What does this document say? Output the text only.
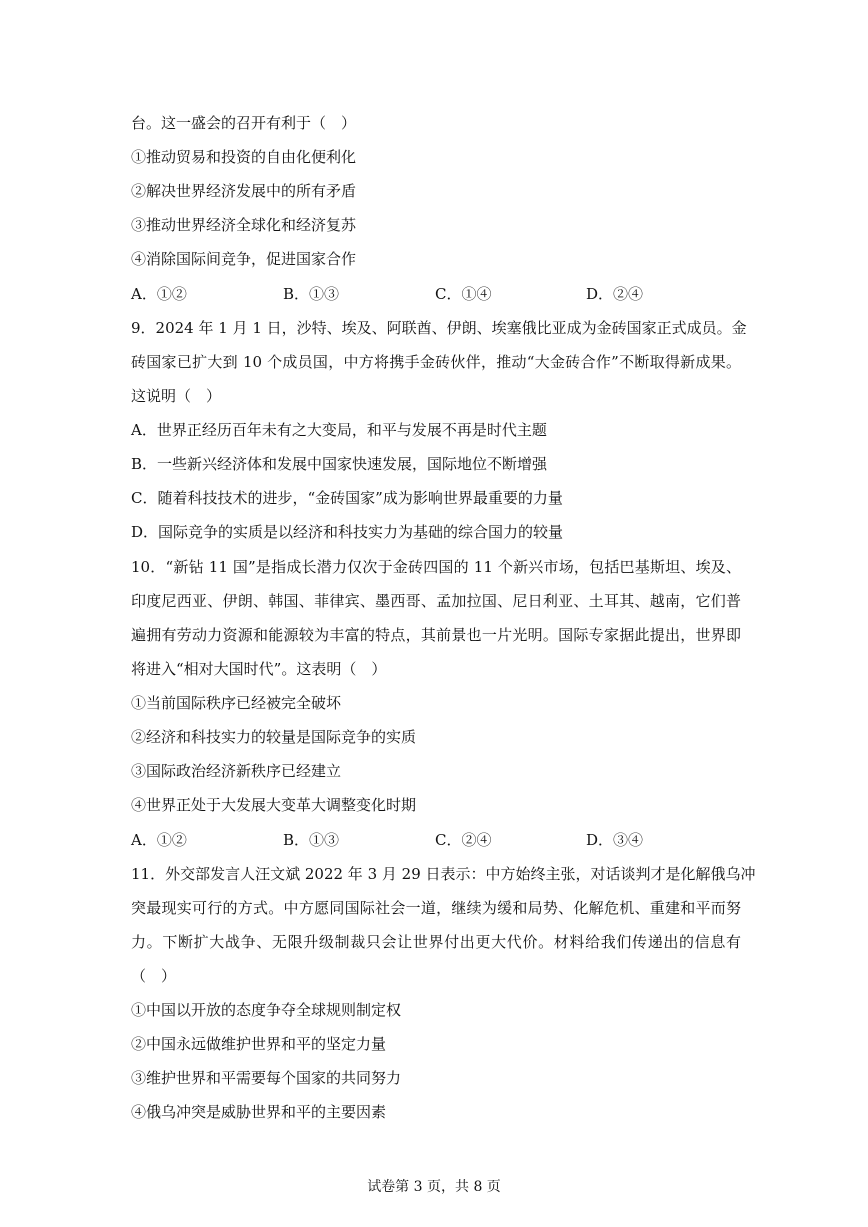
台。这一盛会的召开有利于（　）
①推动贸易和投资的自由化便利化
②解决世界经济发展中的所有矛盾
③推动世界经济全球化和经济复苏
④消除国际间竞争，促进国家合作
A．①②	B．①③	C．①④	D．②④
9．2024 年 1 月 1 日，沙特、埃及、阿联酋、伊朗、埃塞俄比亚成为金砖国家正式成员。金
砖国家已扩大到 10 个成员国，中方将携手金砖伙伴，推动“大金砖合作”不断取得新成果。
这说明（　）
A．世界正经历百年未有之大变局，和平与发展不再是时代主题
B．一些新兴经济体和发展中国家快速发展，国际地位不断增强
C．随着科技技术的进步，“金砖国家”成为影响世界最重要的力量
D．国际竞争的实质是以经济和科技实力为基础的综合国力的较量
10．“新钻 11 国”是指成长潜力仅次于金砖四国的 11 个新兴市场，包括巴基斯坦、埃及、
印度尼西亚、伊朗、韩国、菲律宾、墨西哥、孟加拉国、尼日利亚、土耳其、越南，它们普
遍拥有劳动力资源和能源较为丰富的特点，其前景也一片光明。国际专家据此提出，世界即
将进入“相对大国时代”。这表明（　）
①当前国际秩序已经被完全破坏
②经济和科技实力的较量是国际竞争的实质
③国际政治经济新秩序已经建立
④世界正处于大发展大变革大调整变化时期
A．①②	B．①③	C．②④	D．③④
11．外交部发言人汪文斌 2022 年 3 月 29 日表示：中方始终主张，对话谈判才是化解俄乌冲
突最现实可行的方式。中方愿同国际社会一道，继续为缓和局势、化解危机、重建和平而努
力。下断扩大战争、无限升级制裁只会让世界付出更大代价。材料给我们传递出的信息有
（　）
①中国以开放的态度争夺全球规则制定权
②中国永远做维护世界和平的坚定力量
③维护世界和平需要每个国家的共同努力
④俄乌冲突是威胁世界和平的主要因素
试卷第 3 页，共 8 页
